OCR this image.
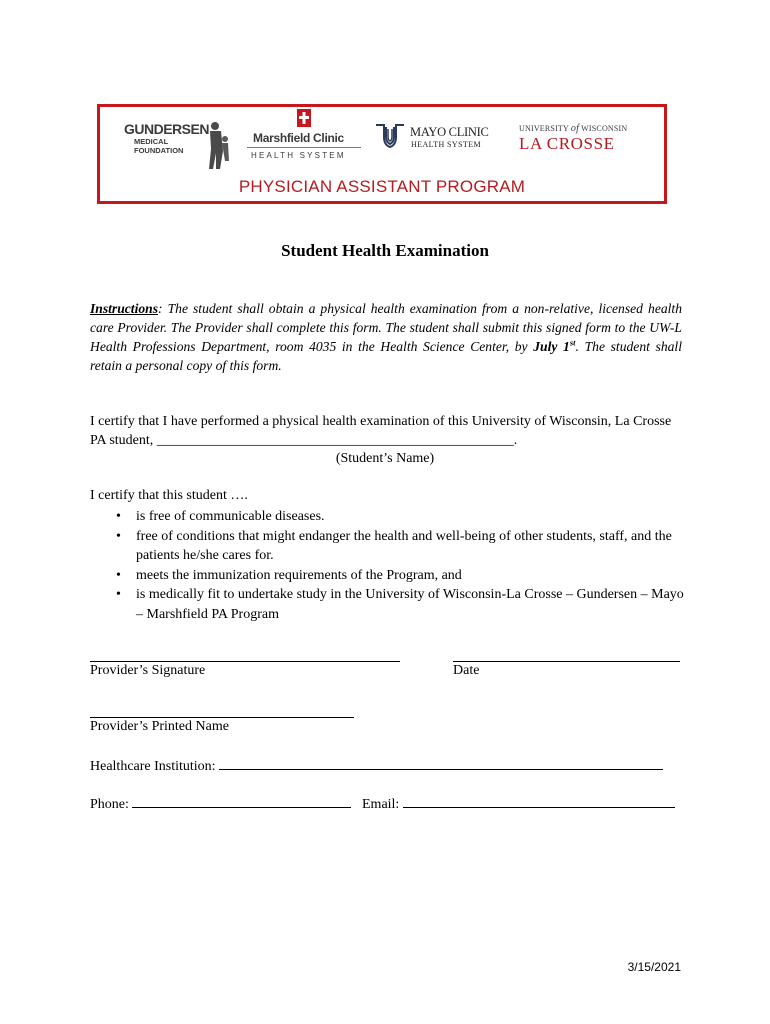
GUNDERSEN
MEDICAL
FOUNDATION
Marshfield Clinic
HEALTH SYSTEM
MAYO CLINIC
HEALTH SYSTEM
UNIVERSITY of WISCONSIN
LA CROSSE
PHYSICIAN ASSISTANT PROGRAM
Student Health Examination
Instructions: The student shall obtain a physical health examination from a non-relative, licensed health care Provider. The Provider shall complete this form. The student shall submit this signed form to the UW-L Health Professions Department, room 4035 in the Health Science Center, by July 1st. The student shall retain a personal copy of this form.
I certify that I have performed a physical health examination of this University of Wisconsin, La Crosse PA student, ___________________________________________________.
(Student’s Name)
I certify that this student ….
• is free of communicable diseases.
• free of conditions that might endanger the health and well-being of other students, staff, and the patients he/she cares for.
• meets the immunization requirements of the Program, and
• is medically fit to undertake study in the University of Wisconsin-La Crosse – Gundersen – Mayo – Marshfield PA Program
Provider’s Signature	Date
Provider’s Printed Name
Healthcare Institution:
Phone:	Email:
3/15/2021
